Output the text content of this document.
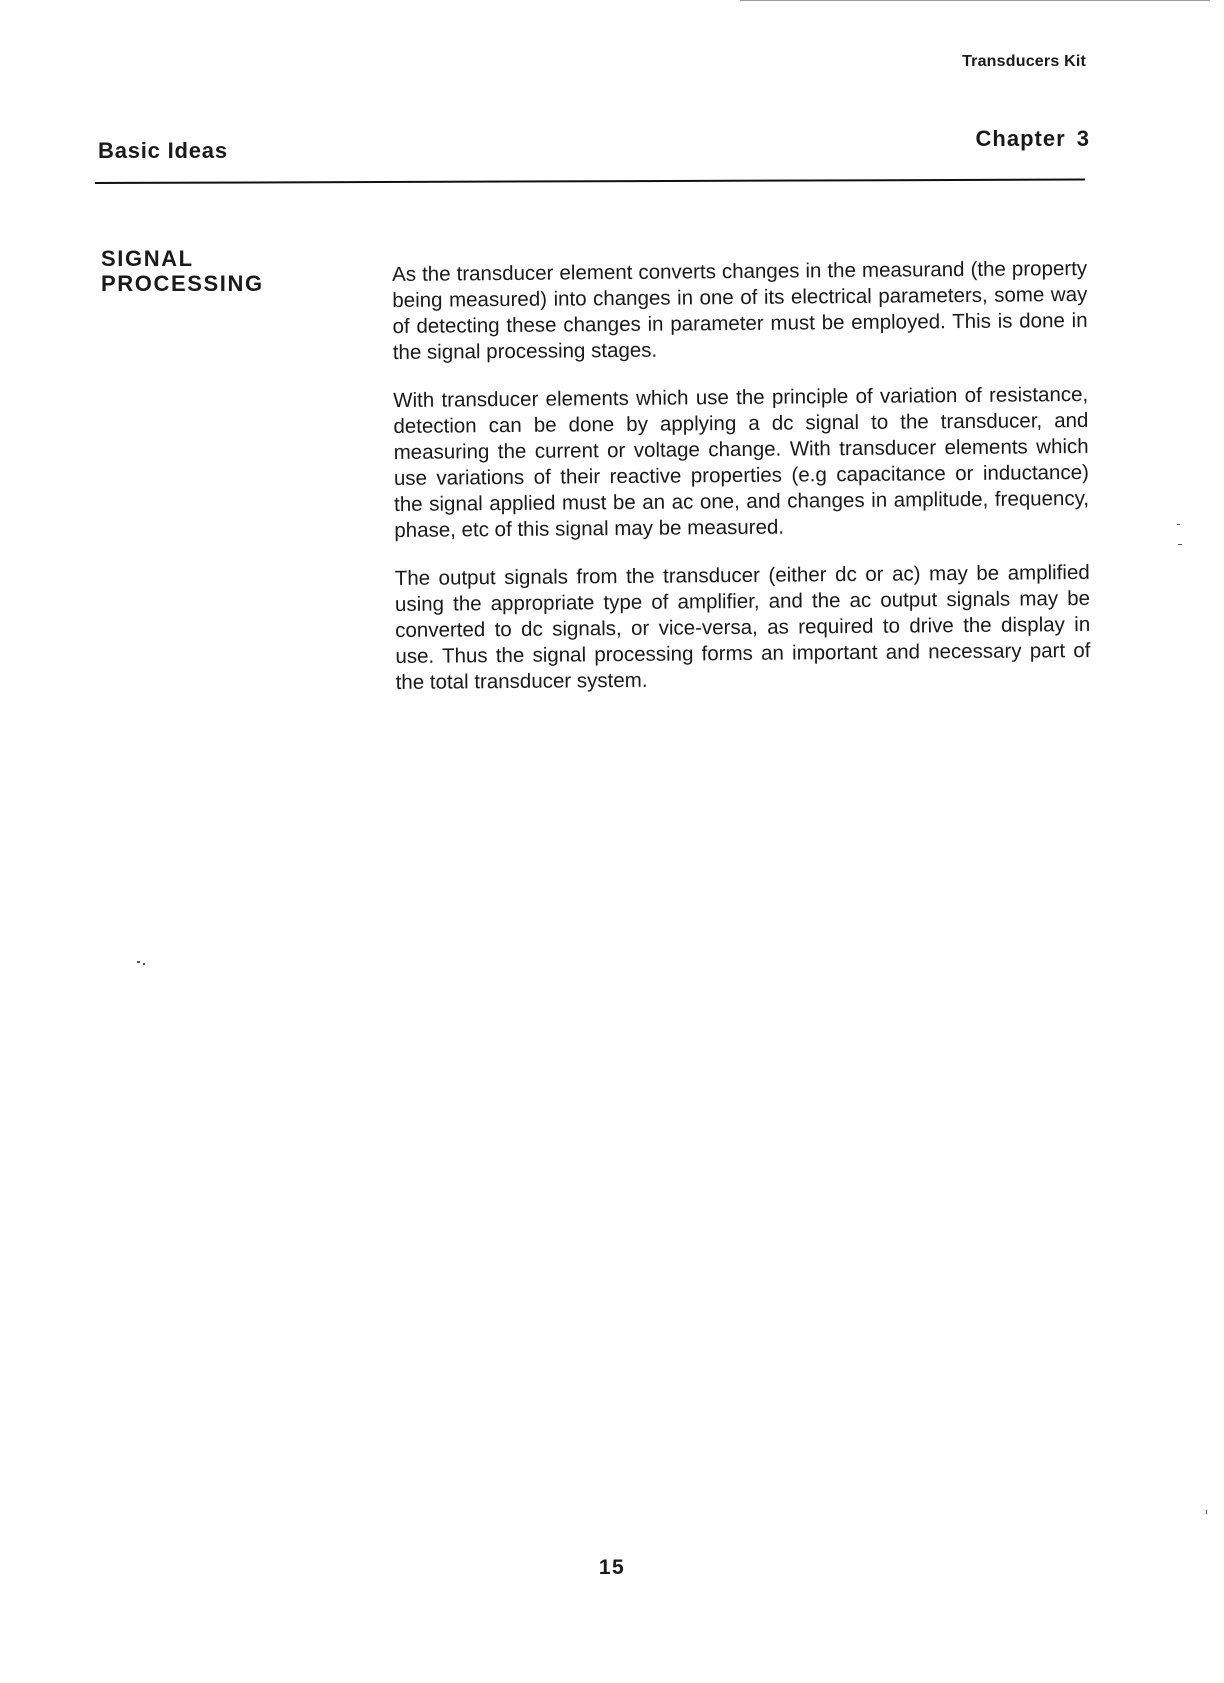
Transducers Kit
Basic Ideas	Chapter 3
SIGNAL
PROCESSING	As the transducer element converts changes in the measurand (the property being measured) into changes in one of its electrical parameters, some way of detecting these changes in parameter must be employed. This is done in the signal processing stages.

With transducer elements which use the principle of variation of resistance, detection can be done by applying a dc signal to the transducer, and measuring the current or voltage change. With transducer elements which use variations of their reactive properties (e.g capacitance or inductance) the signal applied must be an ac one, and changes in amplitude, frequency, phase, etc of this signal may be measured.

The output signals from the transducer (either dc or ac) may be amplified using the appropriate type of amplifier, and the ac output signals may be converted to dc signals, or vice-versa, as required to drive the display in use. Thus the signal processing forms an important and necessary part of the total transducer system.

15
